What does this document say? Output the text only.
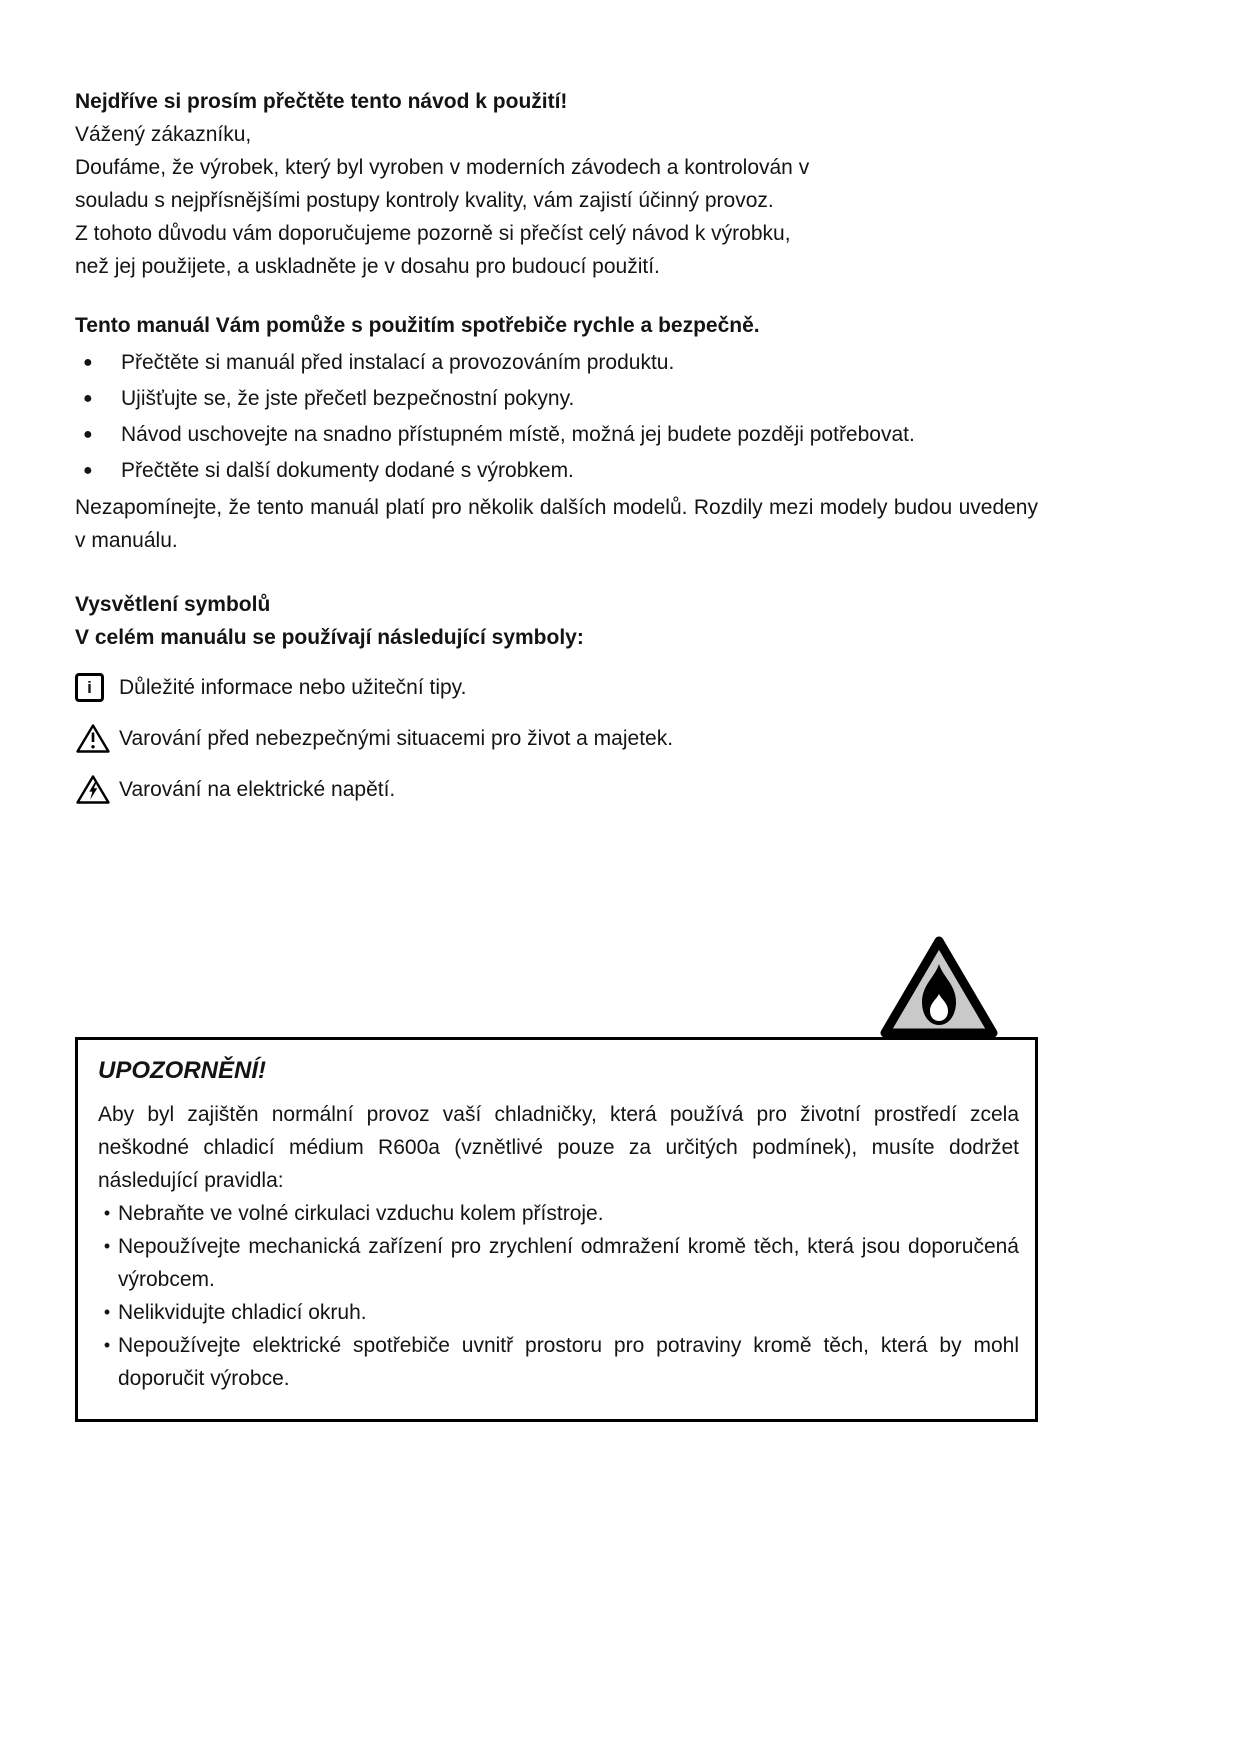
Nejdříve si prosím přečtěte tento návod k použití!
Vážený zákazníku,
Doufáme, že výrobek, který byl vyroben v moderních závodech a kontrolován v
souladu s nejpřísnějšími postupy kontroly kvality, vám zajistí účinný provoz.
Z tohoto důvodu vám doporučujeme pozorně si přečíst celý návod k výrobku,
než jej použijete, a uskladněte je v dosahu pro budoucí použití.
Tento manuál Vám pomůže s použitím spotřebiče rychle a bezpečně.
●	Přečtěte si manuál před instalací a provozováním produktu.
●	Ujišťujte se, že jste přečetl bezpečnostní pokyny.
●	Návod uschovejte na snadno přístupném místě, možná jej budete později potřebovat.
●	Přečtěte si další dokumenty dodané s výrobkem.
Nezapomínejte, že tento manuál platí pro několik dalších modelů. Rozdily mezi modely budou uvedeny v manuálu.
Vysvětlení symbolů
V celém manuálu se používají následující symboly:
i	Důležité informace nebo užiteční tipy.
Varování před nebezpečnými situacemi pro život a majetek.
Varování na elektrické napětí.
UPOZORNĚNÍ!
Aby byl zajištěn normální provoz vaší chladničky, která používá pro životní prostředí zcela neškodné chladicí médium R600a (vznětlivé pouze za určitých podmínek), musíte dodržet následující pravidla:
• Nebraňte ve volné cirkulaci vzduchu kolem přístroje.
• Nepoužívejte mechanická zařízení pro zrychlení odmražení kromě těch, která jsou doporučená výrobcem.
• Nelikvidujte chladicí okruh.
• Nepoužívejte elektrické spotřebiče uvnitř prostoru pro potraviny kromě těch, která by mohl doporučit výrobce.
